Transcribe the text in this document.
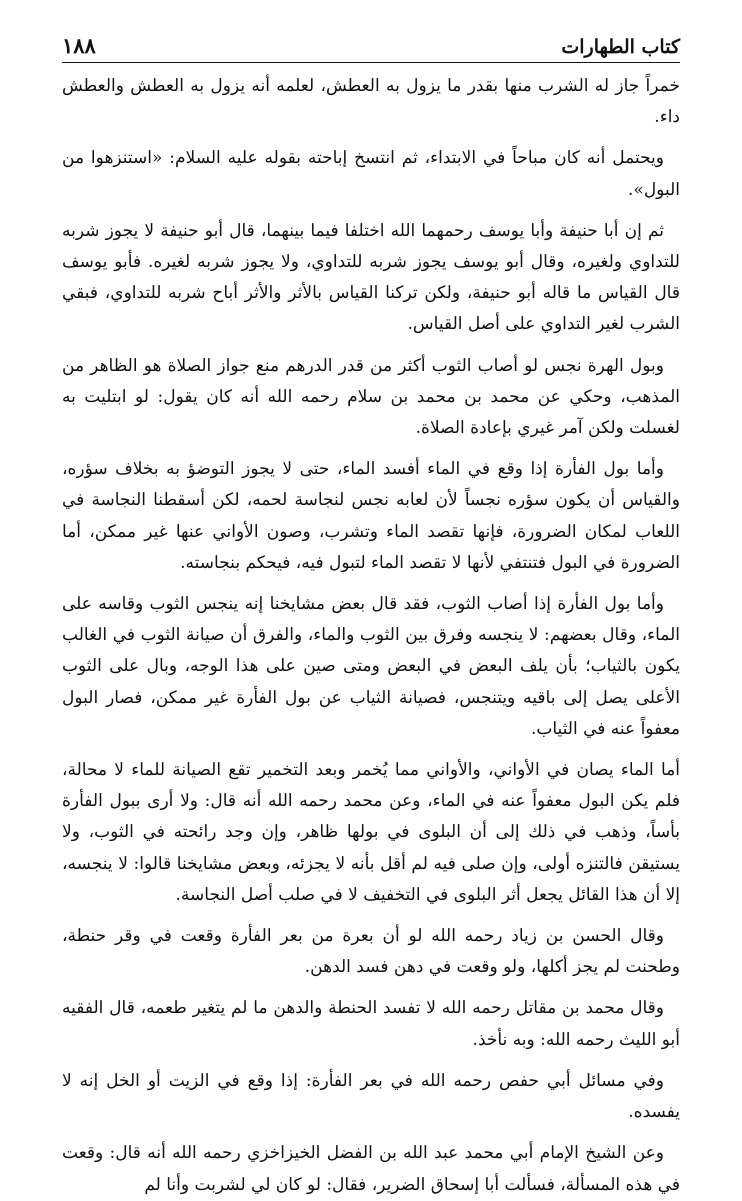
١٨٨	كتاب الطهارات

خمراً جاز له الشرب منها بقدر ما يزول به العطش، لعلمه أنه يزول به العطش والعطش داء.

ويحتمل أنه كان مباحاً في الابتداء، ثم انتسخ إباحته بقوله عليه السلام: «استنزهوا من البول».

ثم إن أبا حنيفة وأبا يوسف رحمهما الله اختلفا فيما بينهما، قال أبو حنيفة لا يجوز شربه للتداوي ولغيره، وقال أبو يوسف يجوز شربه للتداوي، ولا يجوز شربه لغيره. فأبو يوسف قال القياس ما قاله أبو حنيفة، ولكن تركنا القياس بالأثر والأثر أباح شربه للتداوي، فبقي الشرب لغير التداوي على أصل القياس.

وبول الهرة نجس لو أصاب الثوب أكثر من قدر الدرهم منع جواز الصلاة هو الظاهر من المذهب، وحكي عن محمد بن محمد بن سلام رحمه الله أنه كان يقول: لو ابتليت به لغسلت ولكن آمر غيري بإعادة الصلاة.

وأما بول الفأرة إذا وقع في الماء أفسد الماء، حتى لا يجوز التوضؤ به بخلاف سؤره، والقياس أن يكون سؤره نجساً لأن لعابه نجس لنجاسة لحمه، لكن أسقطنا النجاسة في اللعاب لمكان الضرورة، فإنها تقصد الماء وتشرب، وصون الأواني عنها غير ممكن، أما الضرورة في البول فتنتفي لأنها لا تقصد الماء لتبول فيه، فيحكم بنجاسته.

وأما بول الفأرة إذا أصاب الثوب، فقد قال بعض مشايخنا إنه ينجس الثوب وقاسه على الماء، وقال بعضهم: لا ينجسه وفرق بين الثوب والماء، والفرق أن صيانة الثوب في الغالب يكون بالثياب؛ بأن يلف البعض في البعض ومتى صين على هذا الوجه، وبال على الثوب الأعلى يصل إلى باقيه ويتنجس، فصيانة الثياب عن بول الفأرة غير ممكن، فصار البول معفواً عنه في الثياب.

أما الماء يصان في الأواني، والأواني مما يُخمر وبعد التخمير تقع الصيانة للماء لا محالة، فلم يكن البول معفواً عنه في الماء، وعن محمد رحمه الله أنه قال: ولا أرى ببول الفأرة بأساً، وذهب في ذلك إلى أن البلوى في بولها ظاهر، وإن وجد رائحته في الثوب، ولا يستيقن فالتنزه أولى، وإن صلى فيه لم أقل بأنه لا يجزئه، وبعض مشايخنا قالوا: لا ينجسه، إلا أن هذا القائل يجعل أثر البلوى في التخفيف لا في صلب أصل النجاسة.

وقال الحسن بن زياد رحمه الله لو أن بعرة من بعر الفأرة وقعت في وقر حنطة، وطحنت لم يجز أكلها، ولو وقعت في دهن فسد الدهن.

وقال محمد بن مقاتل رحمه الله لا تفسد الحنطة والدهن ما لم يتغير طعمه، قال الفقيه أبو الليث رحمه الله: وبه نأخذ.

وفي مسائل أبي حفص رحمه الله في بعر الفأرة: إذا وقع في الزيت أو الخل إنه لا يفسده.

وعن الشيخ الإمام أبي محمد عبد الله بن الفضل الخيزاخزي رحمه الله أنه قال: وقعت في هذه المسألة، فسألت أبا إسحاق الضرير، فقال: لو كان لي لشربت وأنا لم
